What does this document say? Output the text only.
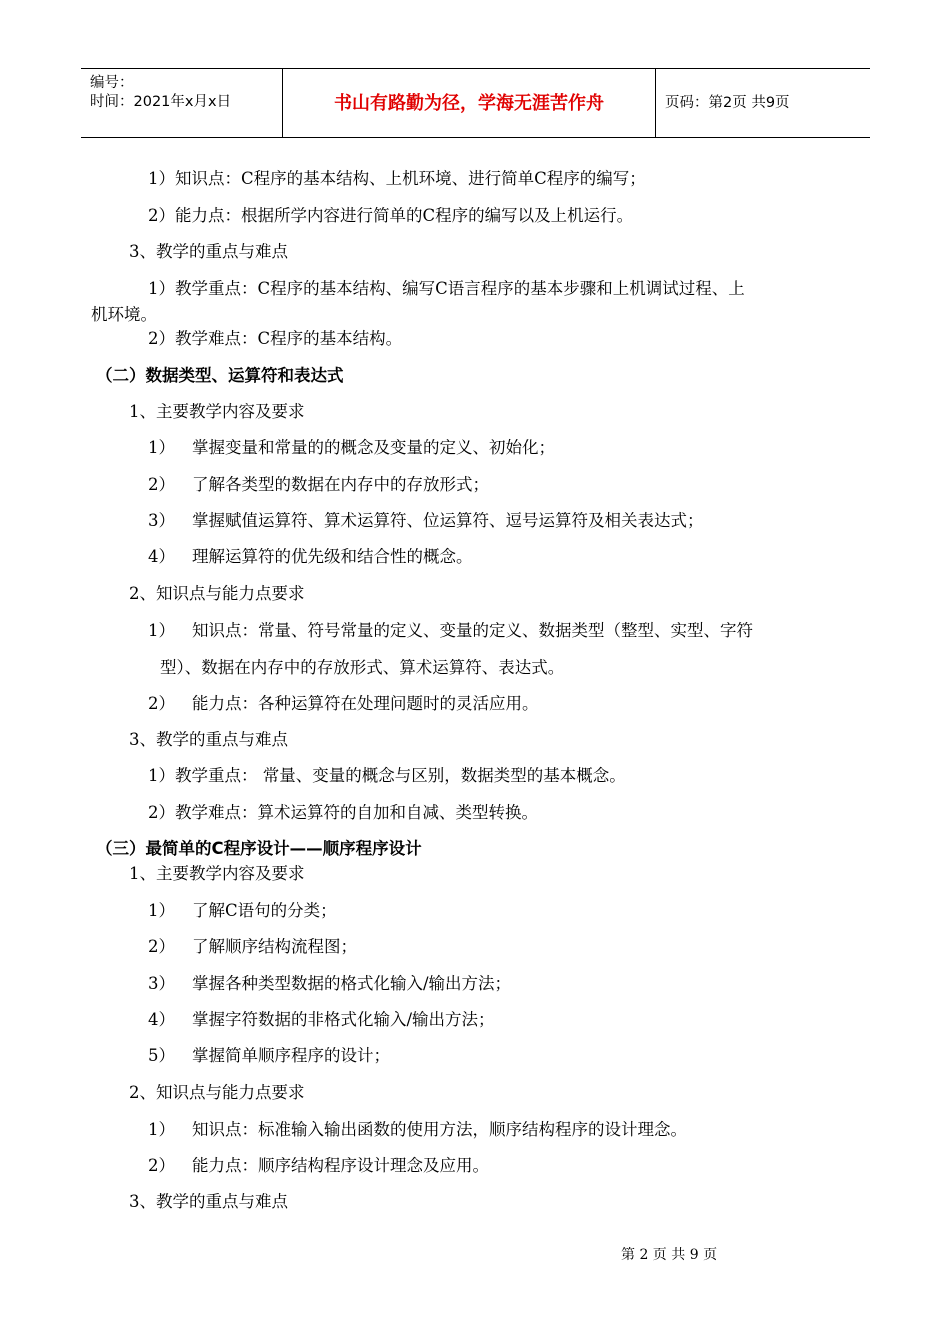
编号：
时间：2021年x月x日	书山有路勤为径，学海无涯苦作舟	页码：第2页 共9页
1）知识点：C程序的基本结构、上机环境、进行简单C程序的编写；
2）能力点：根据所学内容进行简单的C程序的编写以及上机运行。
3、教学的重点与难点
1）教学重点：C程序的基本结构、编写C语言程序的基本步骤和上机调试过程、上
机环境。
2）教学难点：C程序的基本结构。
（二）数据类型、运算符和表达式
1、主要教学内容及要求
1） 掌握变量和常量的的概念及变量的定义、初始化；
2） 了解各类型的数据在内存中的存放形式；
3） 掌握赋值运算符、算术运算符、位运算符、逗号运算符及相关表达式；
4） 理解运算符的优先级和结合性的概念。
2、知识点与能力点要求
1） 知识点：常量、符号常量的定义、变量的定义、数据类型（整型、实型、字符
型）、数据在内存中的存放形式、算术运算符、表达式。
2） 能力点：各种运算符在处理问题时的灵活应用。
3、教学的重点与难点
1）教学重点： 常量、变量的概念与区别，数据类型的基本概念。
2）教学难点：算术运算符的自加和自减、类型转换。
（三）最简单的C程序设计——顺序程序设计
1、主要教学内容及要求
1） 了解C语句的分类；
2） 了解顺序结构流程图；
3） 掌握各种类型数据的格式化输入/输出方法；
4） 掌握字符数据的非格式化输入/输出方法；
5） 掌握简单顺序程序的设计；
2、知识点与能力点要求
1） 知识点：标准输入输出函数的使用方法，顺序结构程序的设计理念。
2） 能力点：顺序结构程序设计理念及应用。
3、教学的重点与难点
第 2 页 共 9 页
